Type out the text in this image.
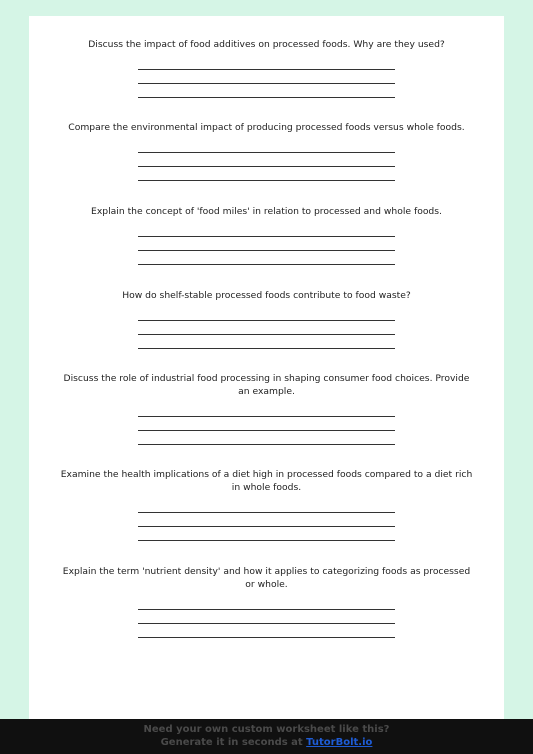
Discuss the impact of food additives on processed foods. Why are they used?

Compare the environmental impact of producing processed foods versus whole foods.

Explain the concept of 'food miles' in relation to processed and whole foods.

How do shelf-stable processed foods contribute to food waste?

Discuss the role of industrial food processing in shaping consumer food choices. Provide an example.

Examine the health implications of a diet high in processed foods compared to a diet rich in whole foods.

Explain the term 'nutrient density' and how it applies to categorizing foods as processed or whole.

Need your own custom worksheet like this?
Generate it in seconds at TutorBolt.io
